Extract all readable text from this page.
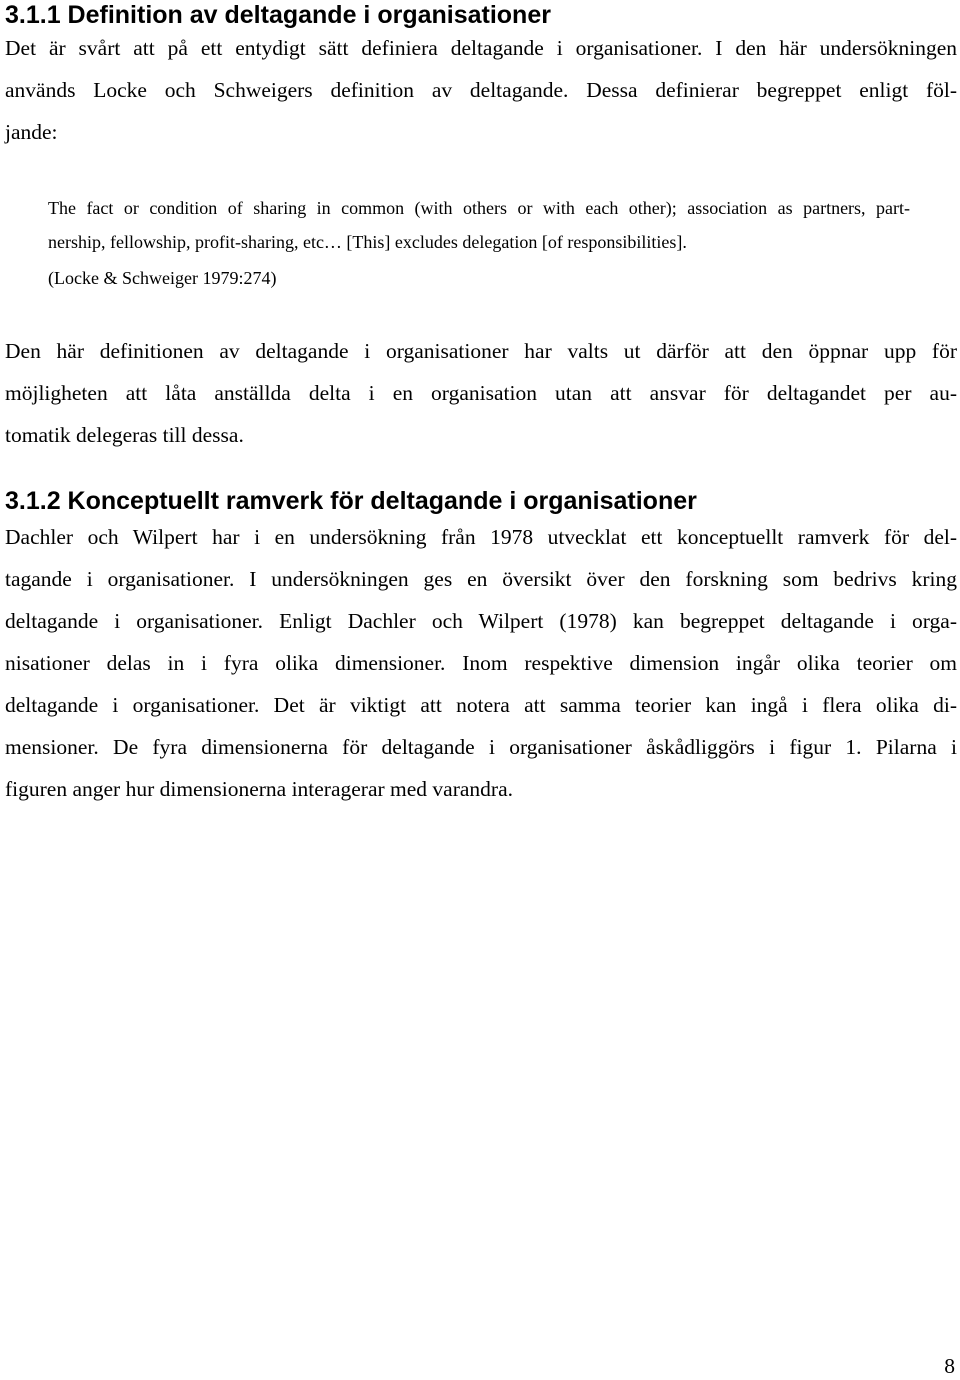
3.1.1 Definition av deltagande i organisationer

Det är svårt att på ett entydigt sätt definiera deltagande i organisationer. I den här undersökningen

används Locke och Schweigers definition av deltagande. Dessa definierar begreppet enligt föl-

jande:

The fact or condition of sharing in common (with others or with each other); association as partners, part-

nership, fellowship, profit-sharing, etc… [This] excludes delegation [of responsibilities].

(Locke & Schweiger 1979:274)

Den här definitionen av deltagande i organisationer har valts ut därför att den öppnar upp för

möjligheten att låta anställda delta i en organisation utan att ansvar för deltagandet per au-

tomatik delegeras till dessa.

3.1.2 Konceptuellt ramverk för deltagande i organisationer

Dachler och Wilpert har i en undersökning från 1978 utvecklat ett konceptuellt ramverk för del-

tagande i organisationer. I undersökningen ges en översikt över den forskning som bedrivs kring

deltagande i organisationer. Enligt Dachler och Wilpert (1978) kan begreppet deltagande i orga-

nisationer delas in i fyra olika dimensioner. Inom respektive dimension ingår olika teorier om

deltagande i organisationer. Det är viktigt att notera att samma teorier kan ingå i flera olika di-

mensioner. De fyra dimensionerna för deltagande i organisationer åskådliggörs i figur 1. Pilarna i

figuren anger hur dimensionerna interagerar med varandra.

8
